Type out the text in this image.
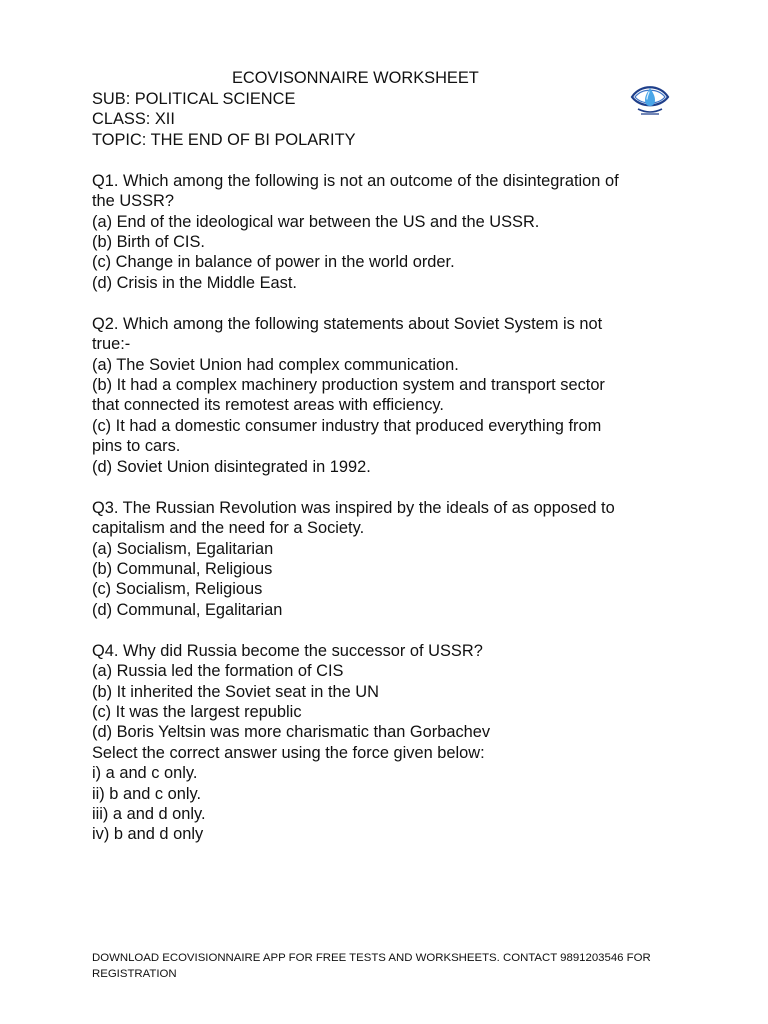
ECOVISONNAIRE WORKSHEET
SUB: POLITICAL SCIENCE
CLASS: XII
TOPIC: THE END OF BI POLARITY
Q1. Which among the following is not an outcome of the disintegration of
the USSR?
(a) End of the ideological war between the US and the USSR.
(b) Birth of CIS.
(c) Change in balance of power in the world order.
(d) Crisis in the Middle East.
Q2. Which among the following statements about Soviet System is not
true:-
(a) The Soviet Union had complex communication.
(b) It had a complex machinery production system and transport sector
that connected its remotest areas with efficiency.
(c) It had a domestic consumer industry that produced everything from
pins to cars.
(d) Soviet Union disintegrated in 1992.
Q3. The Russian Revolution was inspired by the ideals of as opposed to
capitalism and the need for a Society.
(a) Socialism, Egalitarian
(b) Communal, Religious
(c) Socialism, Religious
(d) Communal, Egalitarian
Q4. Why did Russia become the successor of USSR?
(a) Russia led the formation of CIS
(b) It inherited the Soviet seat in the UN
(c) It was the largest republic
(d) Boris Yeltsin was more charismatic than Gorbachev
Select the correct answer using the force given below:
i) a and c only.
ii) b and c only.
iii) a and d only.
iv) b and d only
DOWNLOAD ECOVISIONNAIRE APP FOR FREE TESTS AND WORKSHEETS. CONTACT 9891203546 FOR REGISTRATION
